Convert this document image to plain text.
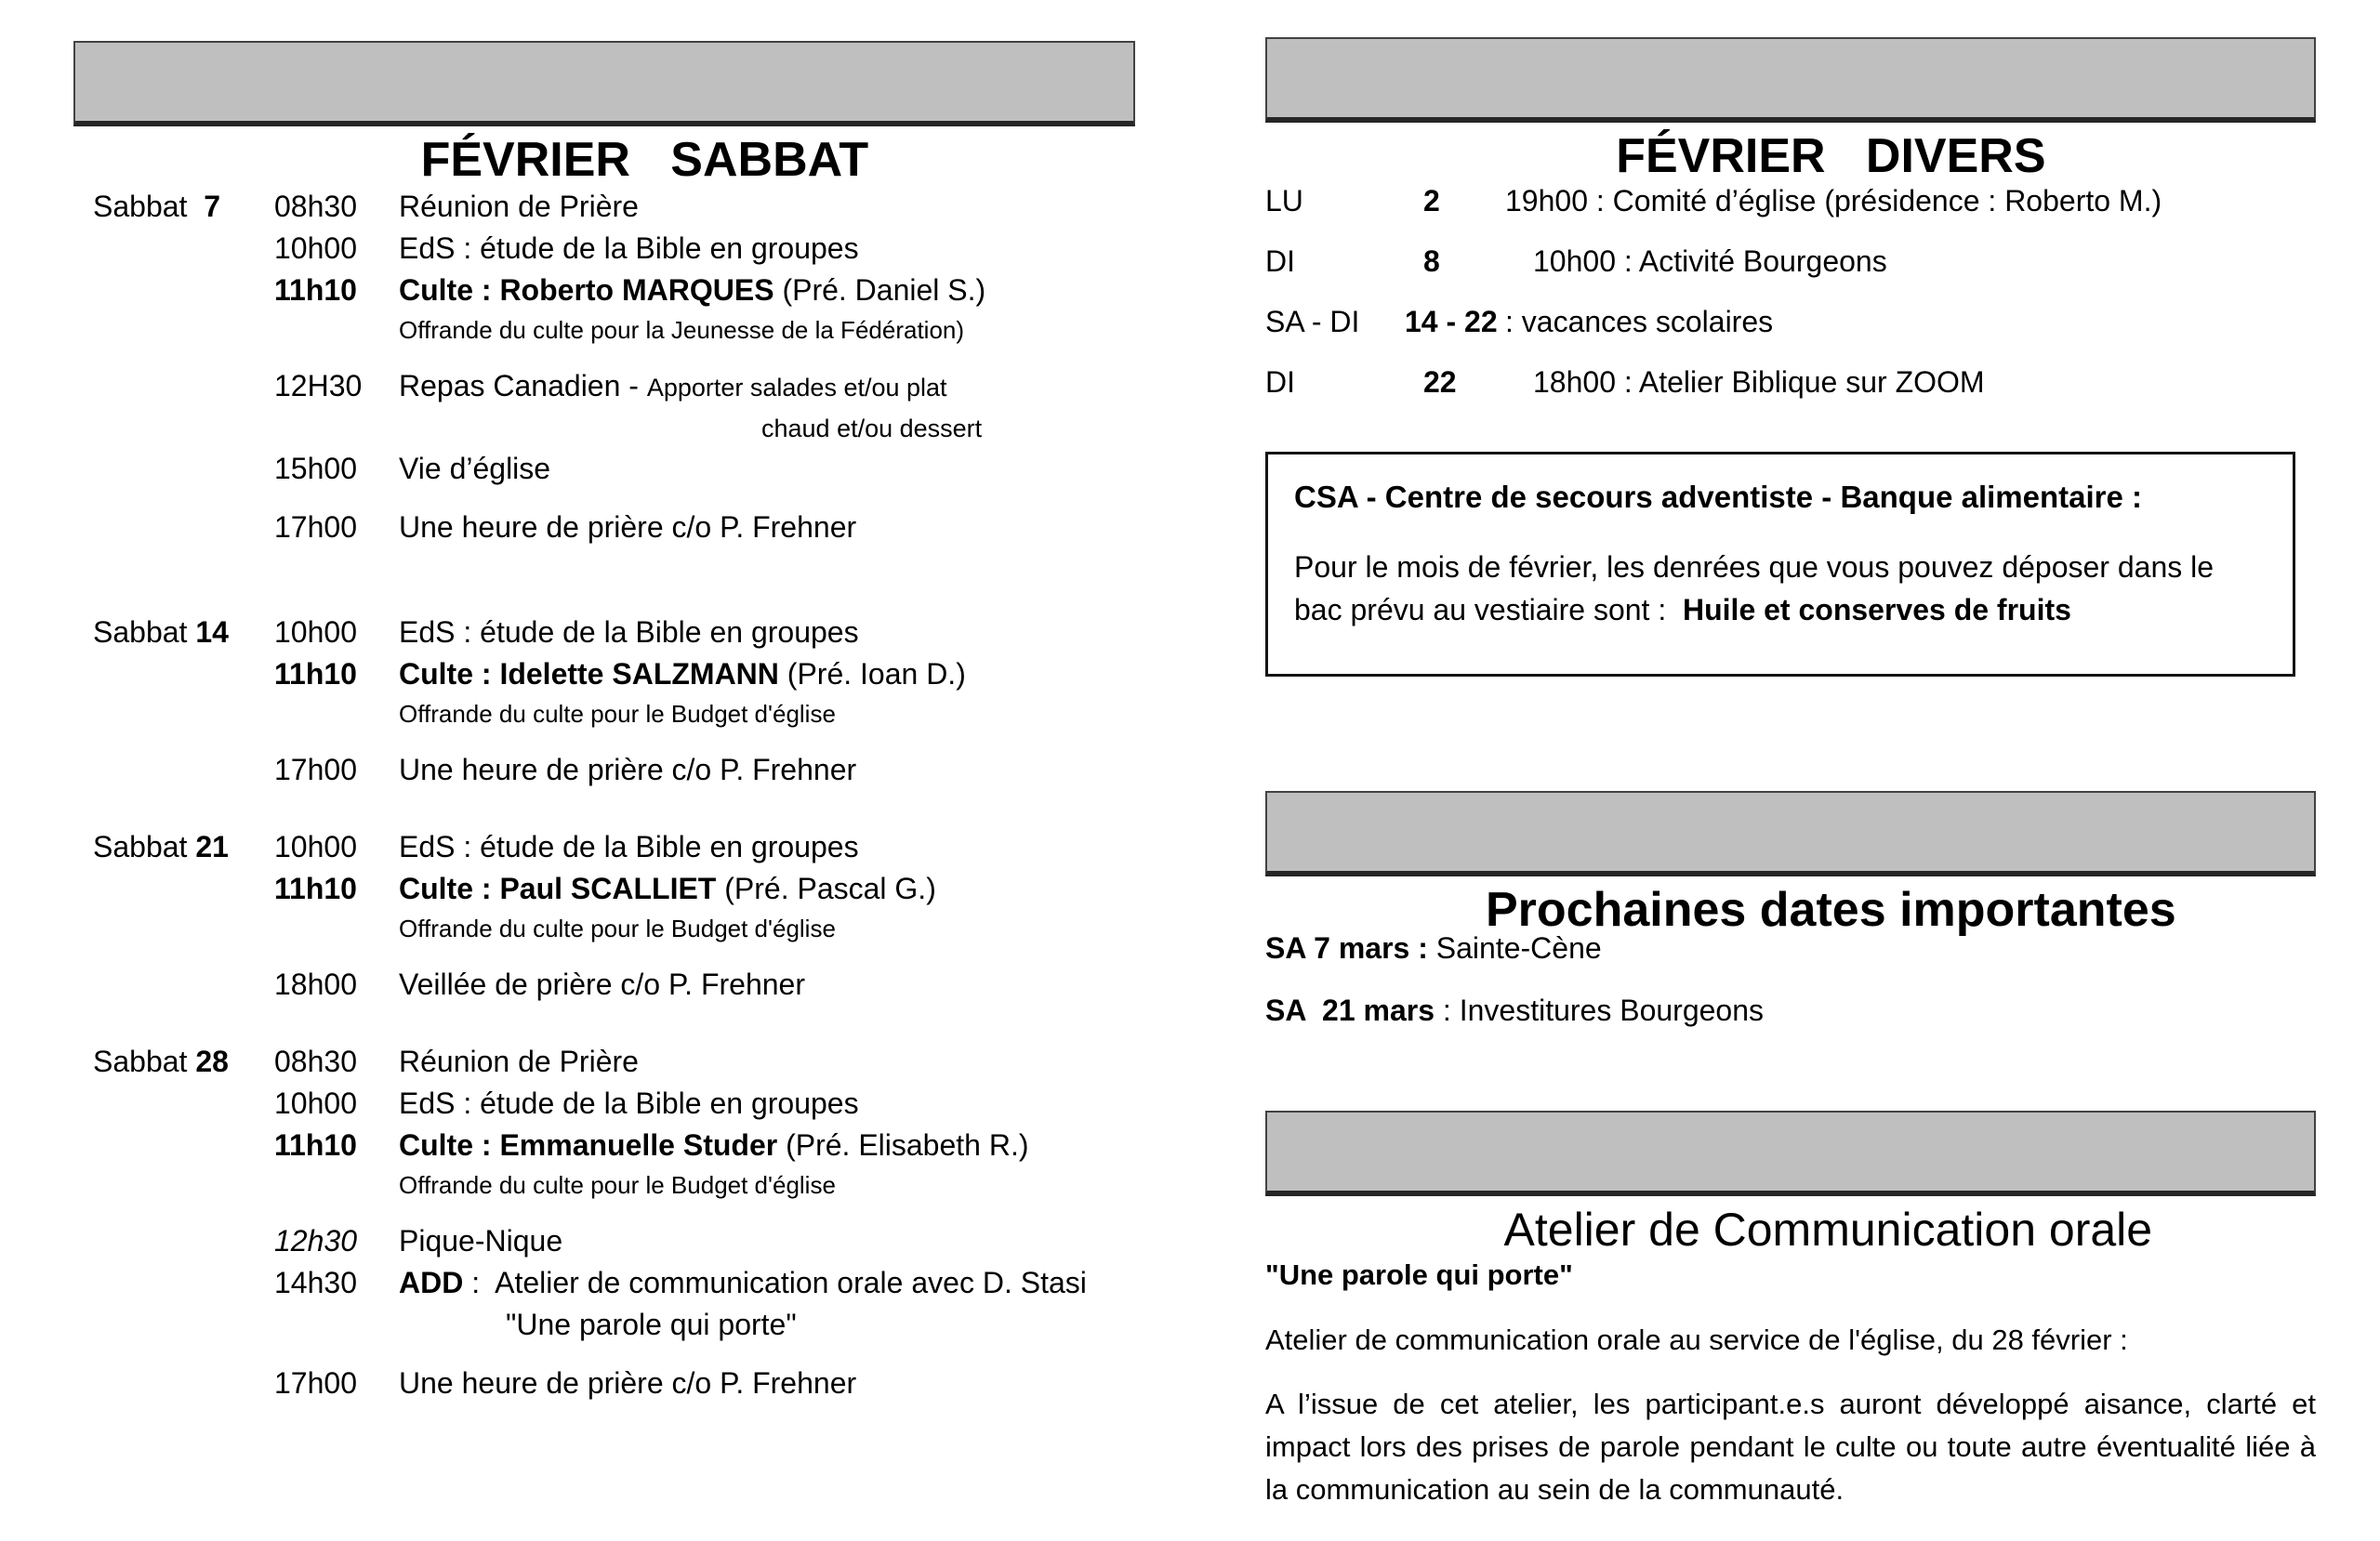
FÉVRIER   SABBAT

Sabbat  7	08h30	Réunion de Prière
10h00	EdS : étude de la Bible en groupes
11h10	Culte : Roberto MARQUES (Pré. Daniel S.)
Offrande du culte pour la Jeunesse de la Fédération)
12H30	Repas Canadien - Apporter salades et/ou plat
chaud et/ou dessert
15h00	Vie d’église
17h00	Une heure de prière c/o P. Frehner
Sabbat 14	10h00	EdS : étude de la Bible en groupes
11h10	Culte : Idelette SALZMANN (Pré. Ioan D.)
Offrande du culte pour le Budget d'église
17h00	Une heure de prière c/o P. Frehner
Sabbat 21	10h00	EdS : étude de la Bible en groupes
11h10	Culte : Paul SCALLIET (Pré. Pascal G.)
Offrande du culte pour le Budget d'église
18h00	Veillée de prière c/o P. Frehner
Sabbat 28	08h30	Réunion de Prière
10h00	EdS : étude de la Bible en groupes
11h10	Culte : Emmanuelle Studer (Pré. Elisabeth R.)
Offrande du culte pour le Budget d'église
12h30	Pique-Nique
14h30	ADD :  Atelier de communication orale avec D. Stasi
"Une parole qui porte"
17h00	Une heure de prière c/o P. Frehner

FÉVRIER   DIVERS

LU	2	19h00 : Comité d’église (présidence : Roberto M.)
DI	8	10h00 : Activité Bourgeons
SA - DI	14 - 22 : vacances scolaires
DI	22	18h00 : Atelier Biblique sur ZOOM
CSA - Centre de secours adventiste - Banque alimentaire :
Pour le mois de février, les denrées que vous pouvez déposer dans le bac prévu au vestiaire sont :  Huile et conserves de fruits

Prochaines dates importantes

SA 7 mars : Sainte-Cène
SA  21 mars : Investitures Bourgeons

Atelier de Communication orale

"Une parole qui porte"
Atelier de communication orale au service de l'église, du 28 février :
A l’issue de cet atelier, les participant.e.s auront développé aisance, clarté et impact lors des prises de parole pendant le culte ou toute autre éventualité liée à la communication au sein de la communauté.
